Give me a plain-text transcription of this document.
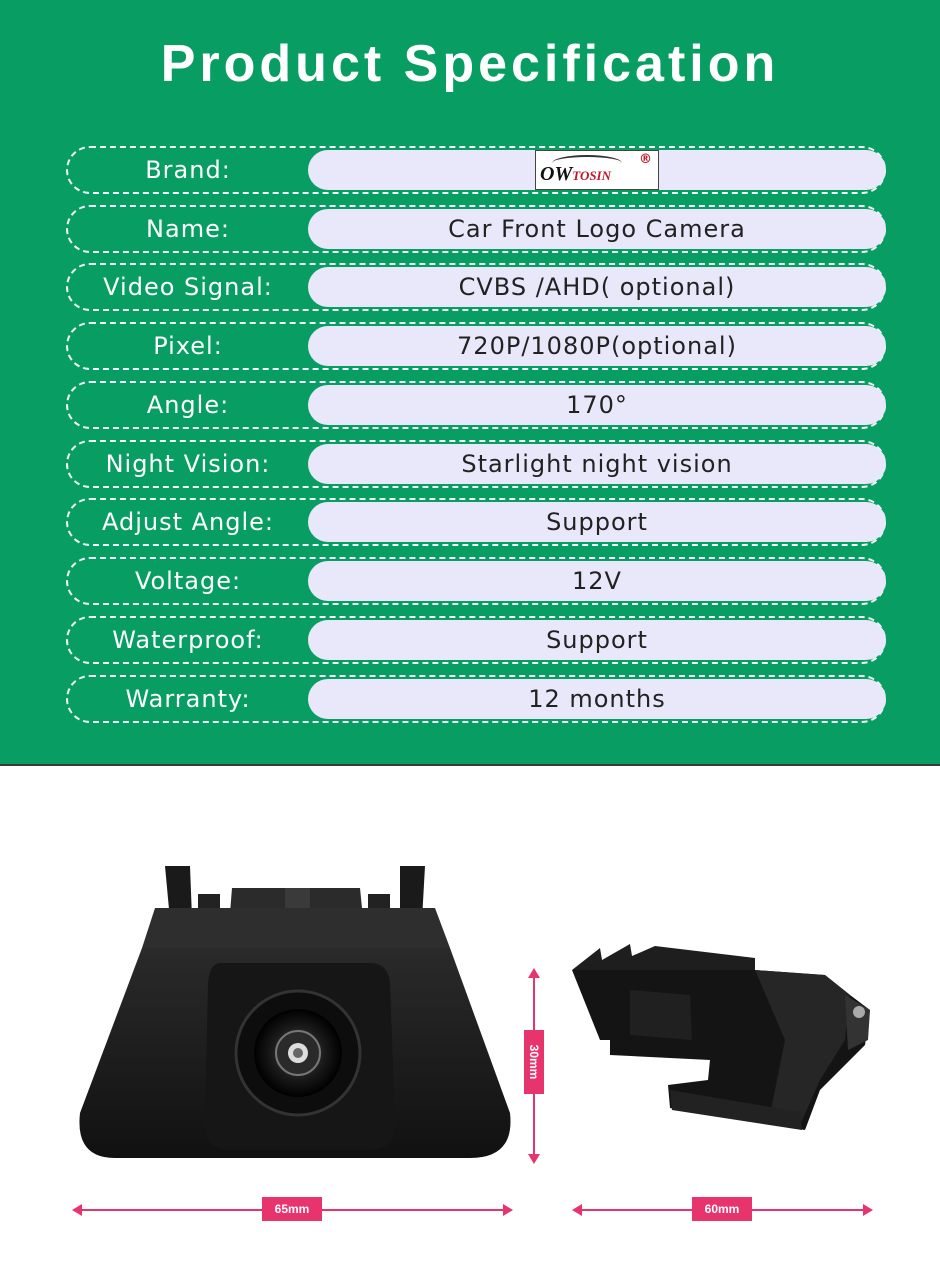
Product Specification
Brand:	OWTOSIN
®
Name:	Car Front Logo Camera
Video Signal:	CVBS /AHD( optional)
Pixel:	720P/1080P(optional)
Angle:	170°
Night Vision:	Starlight night vision
Adjust Angle:	Support
Voltage:	12V
Waterproof:	Support
Warranty:	12 months
30mm
65mm	60mm
